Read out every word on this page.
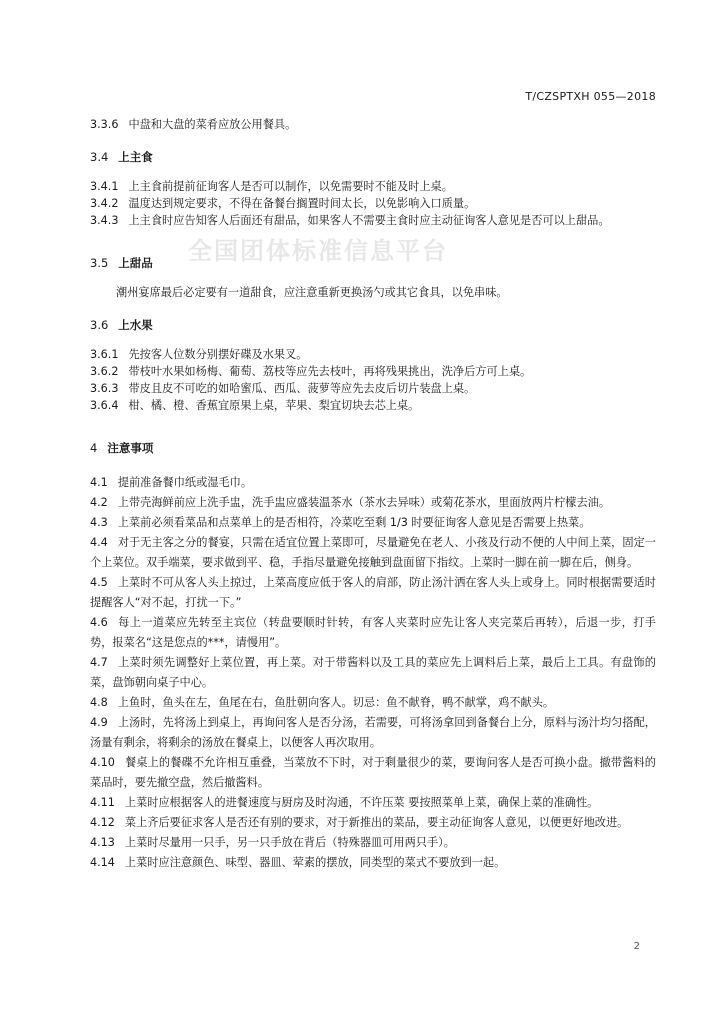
T/CZSPTXH 055—2018
全国团体标准信息平台
3.3.6 中盘和大盘的菜肴应放公用餐具。
3.4 上主食
3.4.1 上主食前提前征询客人是否可以制作，以免需要时不能及时上桌。
3.4.2 温度达到规定要求，不得在备餐台搁置时间太长，以免影响入口质量。
3.4.3 上主食时应告知客人后面还有甜品，如果客人不需要主食时应主动征询客人意见是否可以上甜品。
3.5 上甜品
潮州宴席最后必定要有一道甜食，应注意重新更换汤勺或其它食具，以免串味。
3.6 上水果
3.6.1 先按客人位数分别摆好碟及水果叉。
3.6.2 带枝叶水果如杨梅、葡萄、荔枝等应先去枝叶，再将残果挑出，洗净后方可上桌。
3.6.3 带皮且皮不可吃的如哈蜜瓜、西瓜、菠萝等应先去皮后切片装盘上桌。
3.6.4 柑、橘、橙、香蕉宜原果上桌，苹果、梨宜切块去芯上桌。
4 注意事项
4.1 提前准备餐巾纸或湿毛巾。
4.2 上带壳海鲜前应上洗手盅，洗手盅应盛装温茶水（茶水去异味）或菊花茶水，里面放两片柠檬去油。
4.3 上菜前必须看菜品和点菜单上的是否相符，冷菜吃至剩 1/3 时要征询客人意见是否需要上热菜。
4.4 对于无主客之分的餐宴，只需在适宜位置上菜即可，尽量避免在老人、小孩及行动不便的人中间上菜，固定一个上菜位。双手端菜，要求做到平、稳，手指尽量避免接触到盘面留下指纹。上菜时一脚在前一脚在后，侧身。
4.5 上菜时不可从客人头上掠过，上菜高度应低于客人的肩部，防止汤汁洒在客人头上或身上。同时根据需要适时提醒客人“对不起，打扰一下。”
4.6 每上一道菜应先转至主宾位（转盘要顺时针转，有客人夹菜时应先让客人夹完菜后再转），后退一步，打手势，报菜名“这是您点的***，请慢用”。
4.7 上菜时须先调整好上菜位置，再上菜。对于带酱料以及工具的菜应先上调料后上菜，最后上工具。有盘饰的菜，盘饰朝向桌子中心。
4.8 上鱼时，鱼头在左，鱼尾在右，鱼肚朝向客人。切忌：鱼不献脊，鸭不献掌，鸡不献头。
4.9 上汤时，先将汤上到桌上，再询问客人是否分汤，若需要，可将汤拿回到备餐台上分，原料与汤汁均匀搭配，汤量有剩余，将剩余的汤放在餐桌上，以便客人再次取用。
4.10 餐桌上的餐碟不允许相互重叠，当菜放不下时，对于剩量很少的菜，要询问客人是否可换小盘。撤带酱料的菜品时，要先撤空盘，然后撤酱料。
4.11 上菜时应根据客人的进餐速度与厨房及时沟通，不许压菜 要按照菜单上菜，确保上菜的准确性。
4.12 菜上齐后要征求客人是否还有别的要求，对于新推出的菜品，要主动征询客人意见，以便更好地改进。
4.13 上菜时尽量用一只手，另一只手放在背后（特殊器皿可用两只手）。
4.14 上菜时应注意颜色、味型、器皿、荤素的摆放，同类型的菜式不要放到一起。
2
